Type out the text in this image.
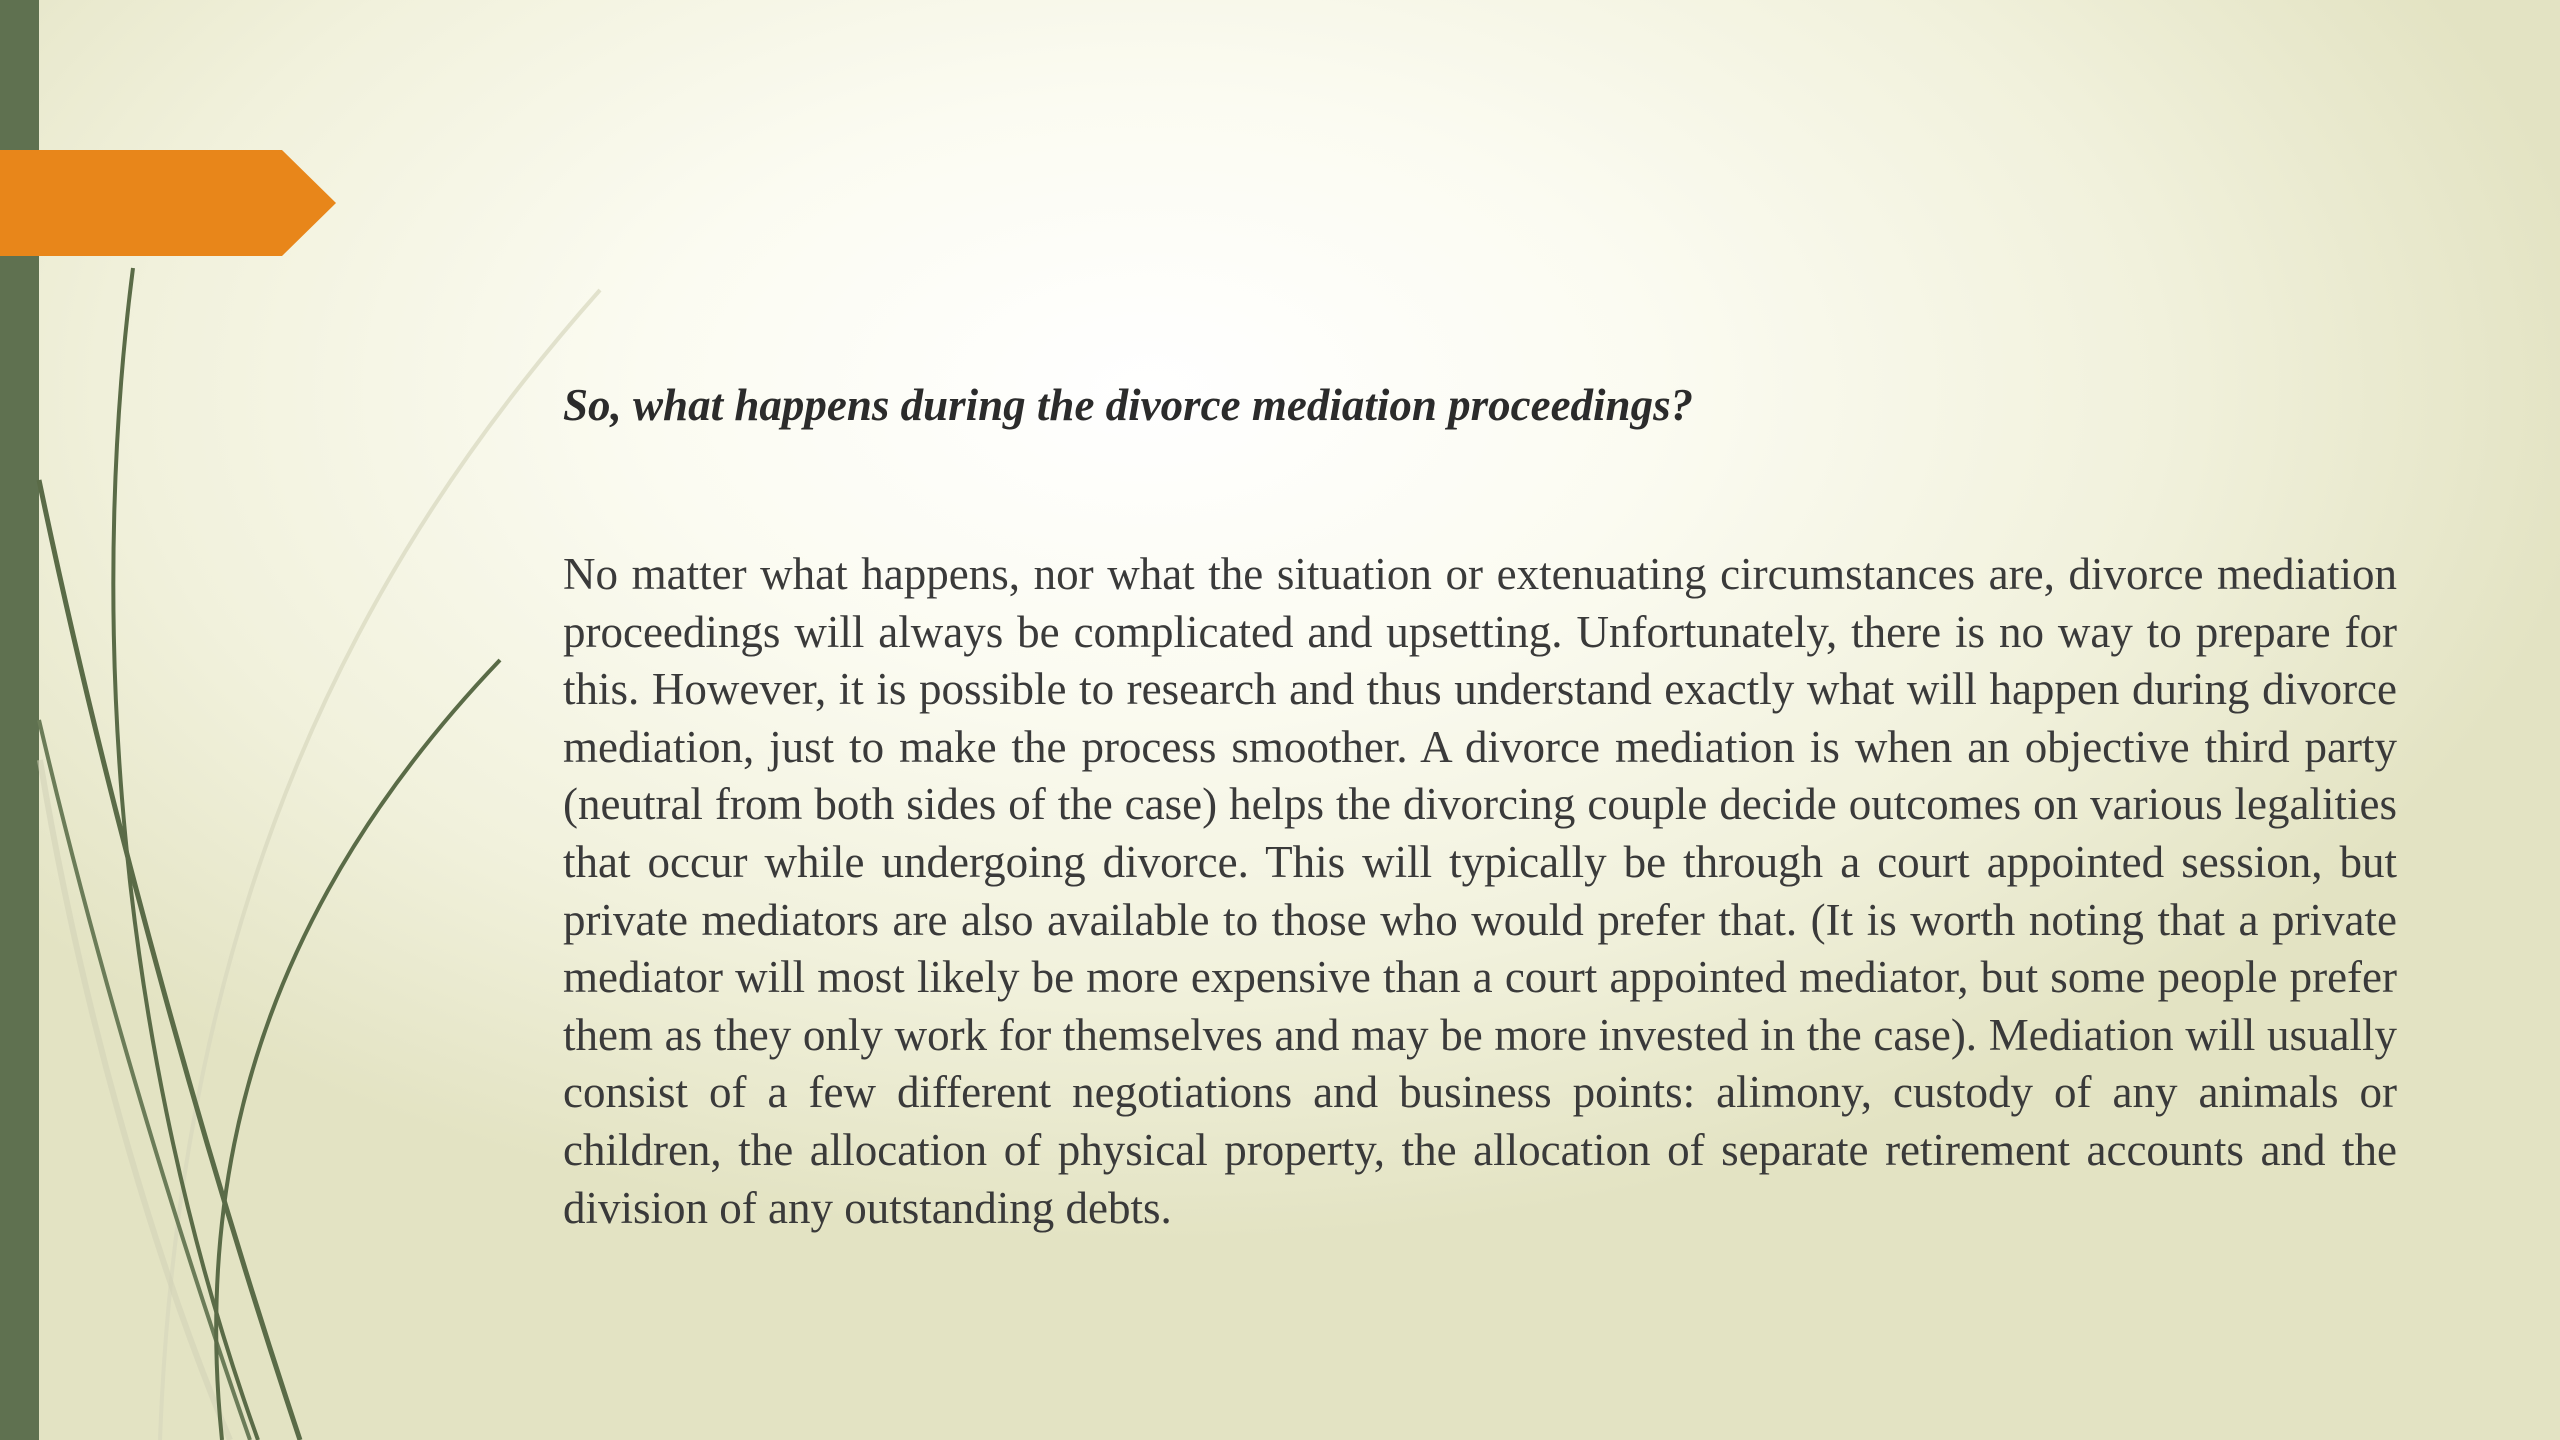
So, what happens during the divorce mediation proceedings?

No matter what happens, nor what the situation or extenuating circumstances are, divorce mediation proceedings will always be complicated and upsetting. Unfortunately, there is no way to prepare for this. However, it is possible to research and thus understand exactly what will happen during divorce mediation, just to make the process smoother. A divorce mediation is when an objective third party (neutral from both sides of the case) helps the divorcing couple decide outcomes on various legalities that occur while undergoing divorce. This will typically be through a court appointed session, but private mediators are also available to those who would prefer that. (It is worth noting that a private mediator will most likely be more expensive than a court appointed mediator, but some people prefer them as they only work for themselves and may be more invested in the case). Mediation will usually consist of a few different negotiations and business points: alimony, custody of any animals or children, the allocation of physical property, the allocation of separate retirement accounts and the division of any outstanding debts.
